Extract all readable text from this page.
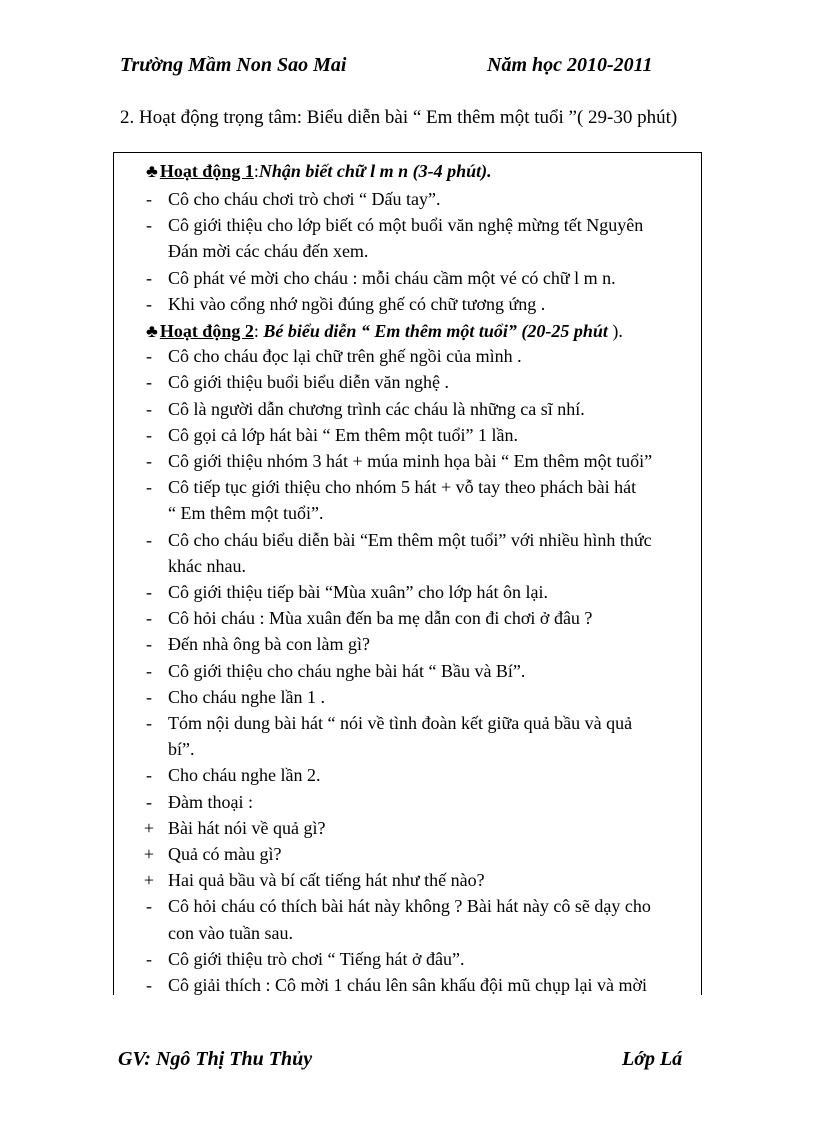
Trường Mầm Non Sao Mai	Năm học 2010-2011
2. Hoạt động trọng tâm: Biểu diễn bài “ Em thêm một tuổi ”( 29-30 phút)
♣ Hoạt động 1:Nhận biết chữ l m n (3-4 phút).
♣ Hoạt động 2: Bé biểu diễn “ Em thêm một tuổi” (20-25 phút ).
- Cô cho cháu chơi trò chơi “ Dấu tay”.
- Cô giới thiệu cho lớp biết có một buổi văn nghệ mừng tết Nguyên
Đán mời các cháu đến xem.
- Cô phát vé mời cho cháu : mỗi cháu cầm một vé có chữ l m n.
- Khi vào cổng nhớ ngồi đúng ghế có chữ tương ứng .
- Cô cho cháu đọc lại chữ trên ghế ngồi của mình .
- Cô giới thiệu buổi biểu diễn văn nghệ .
- Cô là người dẫn chương trình các cháu là những ca sĩ nhí.
- Cô gọi cả lớp hát bài “ Em thêm một tuổi” 1 lần.
- Cô giới thiệu nhóm 3 hát + múa minh họa bài “ Em thêm một tuổi”
- Cô tiếp tục giới thiệu cho nhóm 5 hát + vỗ tay theo phách bài hát
“ Em thêm một tuổi”.
- Cô cho cháu biểu diễn bài “Em thêm một tuổi” với nhiều hình thức
khác nhau.
- Cô giới thiệu tiếp bài “Mùa xuân” cho lớp hát ôn lại.
- Cô hỏi cháu : Mùa xuân đến ba mẹ dẫn con đi chơi ở đâu ?
- Đến nhà ông bà con làm gì?
- Cô giới thiệu cho cháu nghe bài hát “ Bầu và Bí”.
- Cho cháu nghe lần 1 .
- Tóm nội dung bài hát “ nói về tình đoàn kết giữa quả bầu và quả
bí”.
- Cho cháu nghe lần 2.
- Đàm thoại :
+ Bài hát nói về quả gì?
+ Quả có màu gì?
+ Hai quả bầu và bí cất tiếng hát như thế nào?
- Cô hỏi cháu có thích bài hát này không ? Bài hát này cô sẽ dạy cho
con vào tuần sau.
- Cô giới thiệu trò chơi “ Tiếng hát ở đâu”.
- Cô giải thích : Cô mời 1 cháu lên sân khấu đội mũ chụp lại và mời
GV: Ngô Thị Thu Thủy	Lớp Lá
